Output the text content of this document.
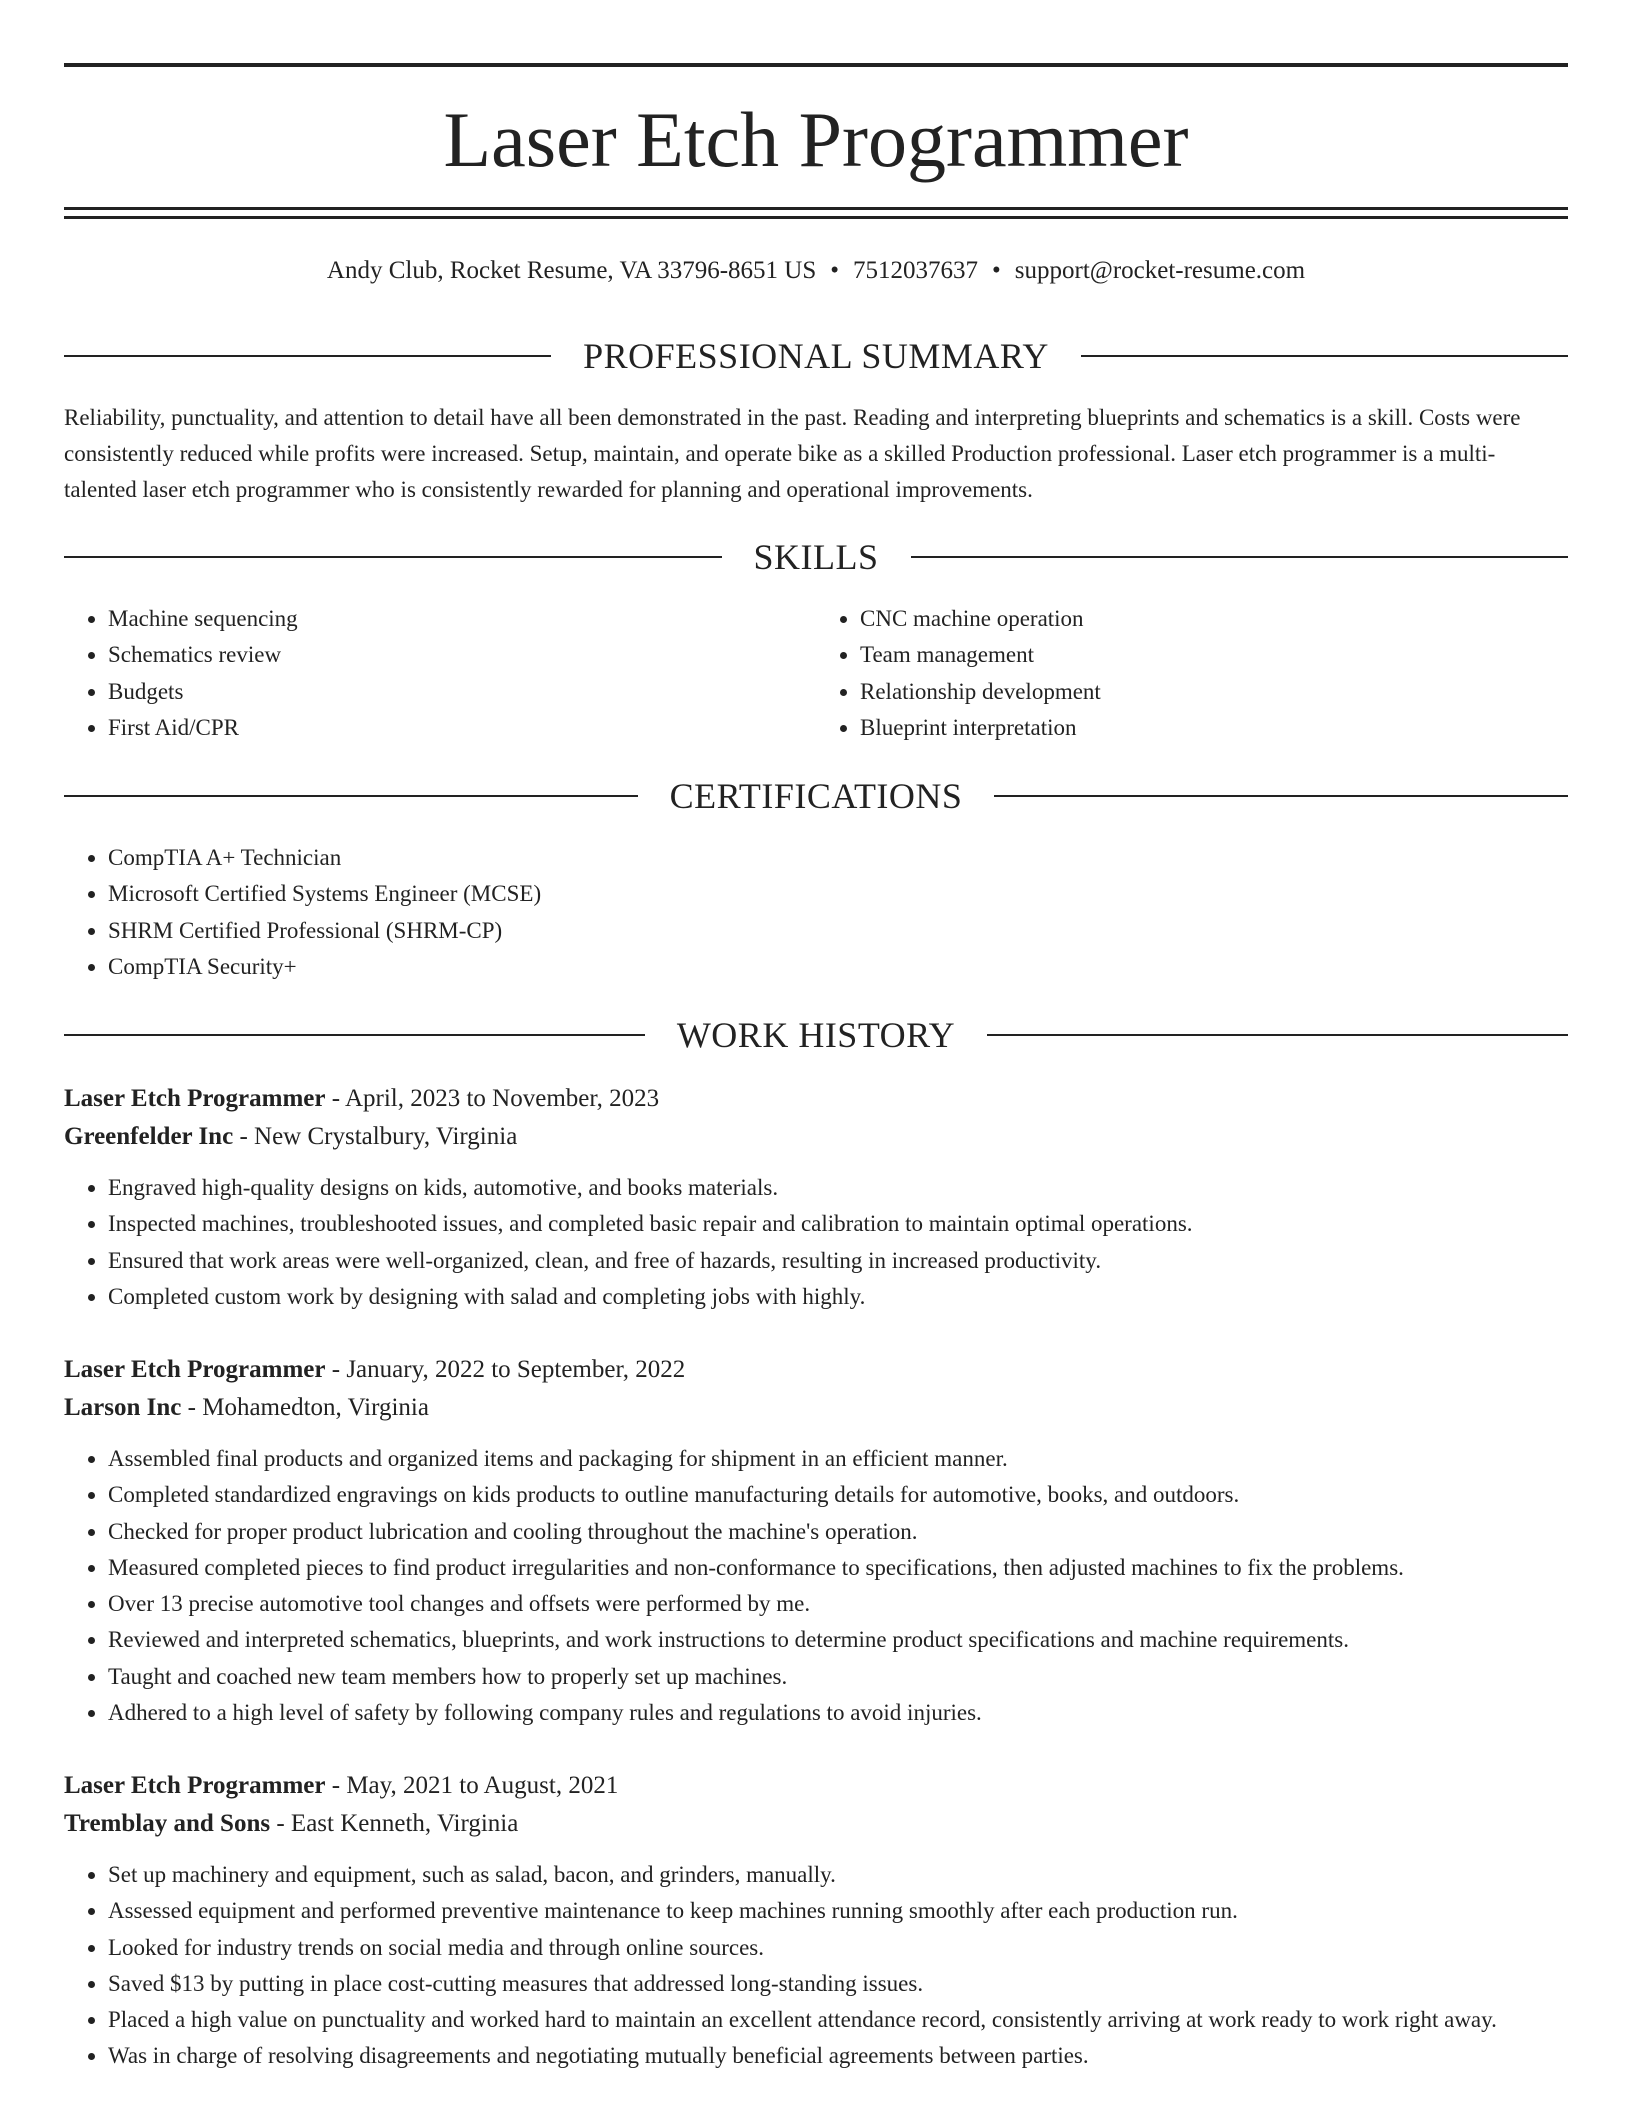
Laser Etch Programmer
Andy Club, Rocket Resume, VA 33796-8651 US • 7512037637 • support@rocket-resume.com
PROFESSIONAL SUMMARY

Reliability, punctuality, and attention to detail have all been demonstrated in the past. Reading and interpreting blueprints and schematics is a skill. Costs were consistently reduced while profits were increased. Setup, maintain, and operate bike as a skilled Production professional. Laser etch programmer is a multi-talented laser etch programmer who is consistently rewarded for planning and operational improvements.

SKILLS
• Machine sequencing
• Schematics review
• Budgets
• First Aid/CPR
• CNC machine operation
• Team management
• Relationship development
• Blueprint interpretation
CERTIFICATIONS
• CompTIA A+ Technician
• Microsoft Certified Systems Engineer (MCSE)
• SHRM Certified Professional (SHRM-CP)
• CompTIA Security+
WORK HISTORY
Laser Etch Programmer - April, 2023 to November, 2023
Greenfelder Inc - New Crystalbury, Virginia
• Engraved high-quality designs on kids, automotive, and books materials.
• Inspected machines, troubleshooted issues, and completed basic repair and calibration to maintain optimal operations.
• Ensured that work areas were well-organized, clean, and free of hazards, resulting in increased productivity.
• Completed custom work by designing with salad and completing jobs with highly.
Laser Etch Programmer - January, 2022 to September, 2022
Larson Inc - Mohamedton, Virginia
• Assembled final products and organized items and packaging for shipment in an efficient manner.
• Completed standardized engravings on kids products to outline manufacturing details for automotive, books, and outdoors.
• Checked for proper product lubrication and cooling throughout the machine's operation.
• Measured completed pieces to find product irregularities and non-conformance to specifications, then adjusted machines to fix the problems.
• Over 13 precise automotive tool changes and offsets were performed by me.
• Reviewed and interpreted schematics, blueprints, and work instructions to determine product specifications and machine requirements.
• Taught and coached new team members how to properly set up machines.
• Adhered to a high level of safety by following company rules and regulations to avoid injuries.
Laser Etch Programmer - May, 2021 to August, 2021
Tremblay and Sons - East Kenneth, Virginia
• Set up machinery and equipment, such as salad, bacon, and grinders, manually.
• Assessed equipment and performed preventive maintenance to keep machines running smoothly after each production run.
• Looked for industry trends on social media and through online sources.
• Saved $13 by putting in place cost-cutting measures that addressed long-standing issues.
• Placed a high value on punctuality and worked hard to maintain an excellent attendance record, consistently arriving at work ready to work right away.
• Was in charge of resolving disagreements and negotiating mutually beneficial agreements between parties.
